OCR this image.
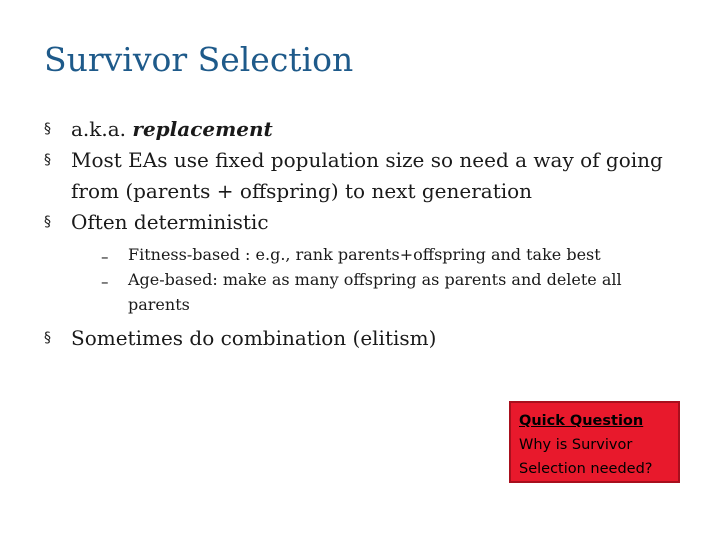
Survivor Selection
§ a.k.a. replacement
§ Most EAs use fixed population size so need a way of going from (parents + offspring) to next generation
§ Often deterministic
– Fitness-based : e.g., rank parents+offspring and take best
– Age-based: make as many offspring as parents and delete all parents
§ Sometimes do combination (elitism)
Quick Question
Why is Survivor Selection needed?
